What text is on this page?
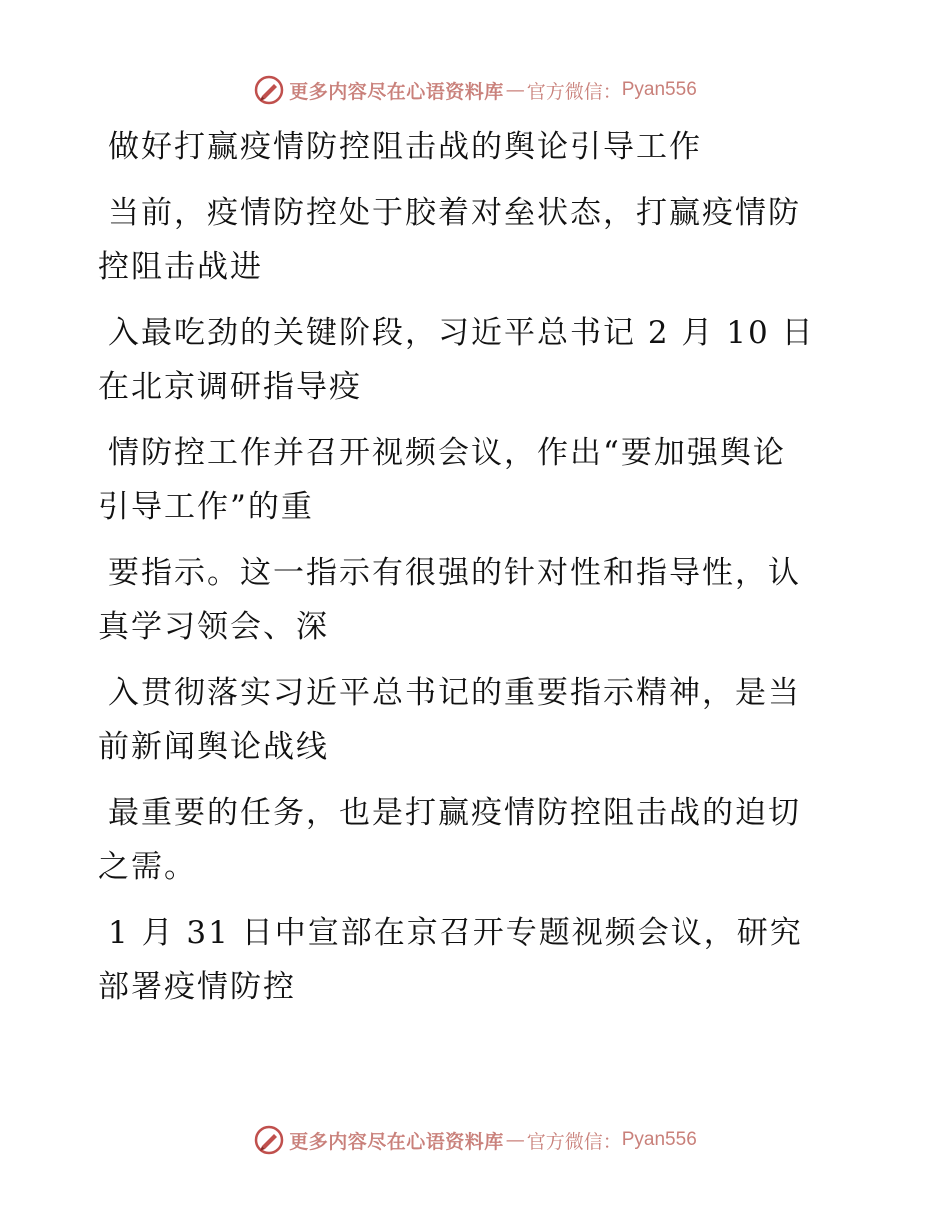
更多内容尽在心语资料库 — 官方微信： Pyan556
做好打赢疫情防控阻击战的舆论引导工作
当前，疫情防控处于胶着对垒状态，打赢疫情防
控阻击战进
入最吃劲的关键阶段，习近平总书记 2 月 10 日
在北京调研指导疫
情防控工作并召开视频会议，作出“要加强舆论
引导工作”的重
要指示。这一指示有很强的针对性和指导性，认
真学习领会、深
入贯彻落实习近平总书记的重要指示精神，是当
前新闻舆论战线
最重要的任务，也是打赢疫情防控阻击战的迫切
之需。
1 月 31 日中宣部在京召开专题视频会议，研究
部署疫情防控
更多内容尽在心语资料库 — 官方微信： Pyan556
